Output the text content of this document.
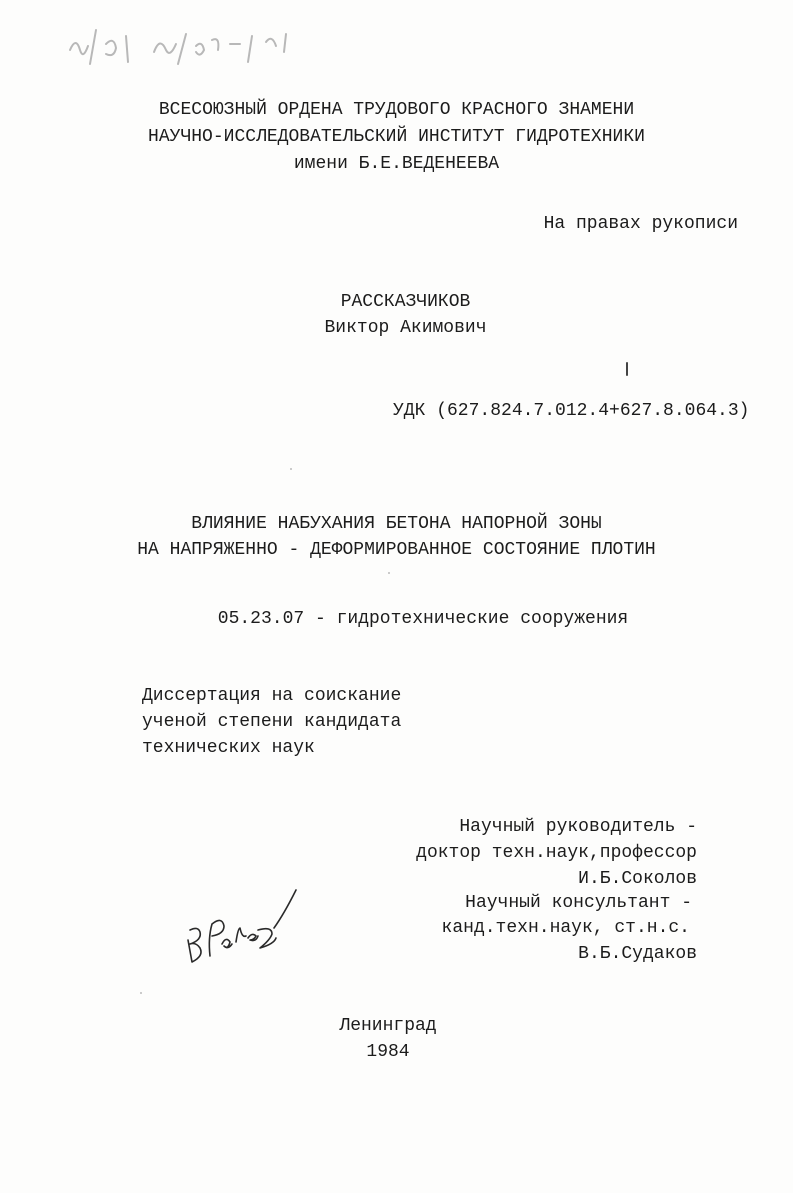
ВСЕСОЮЗНЫЙ ОРДЕНА ТРУДОВОГО КРАСНОГО ЗНАМЕНИ
НАУЧНО-ИССЛЕДОВАТЕЛЬСКИЙ ИНСТИТУТ ГИДРОТЕХНИКИ
имени Б.Е.ВЕДЕНЕЕВА
На правах рукописи
РАССКАЗЧИКОВ
Виктор Акимович
УДК (627.824.7.012.4+627.8.064.3)
ВЛИЯНИЕ НАБУХАНИЯ БЕТОНА НАПОРНОЙ ЗОНЫ
НА НАПРЯЖЕННО - ДЕФОРМИРОВАННОЕ СОСТОЯНИЕ ПЛОТИН
05.23.07 - гидротехнические сооружения
Диссертация на соискание
ученой степени кандидата
технических наук
Научный руководитель -
доктор техн.наук,профессор
И.Б.Соколов
Научный консультант -
канд.техн.наук, ст.н.с.
В.Б.Судаков
Ленинград
1984
